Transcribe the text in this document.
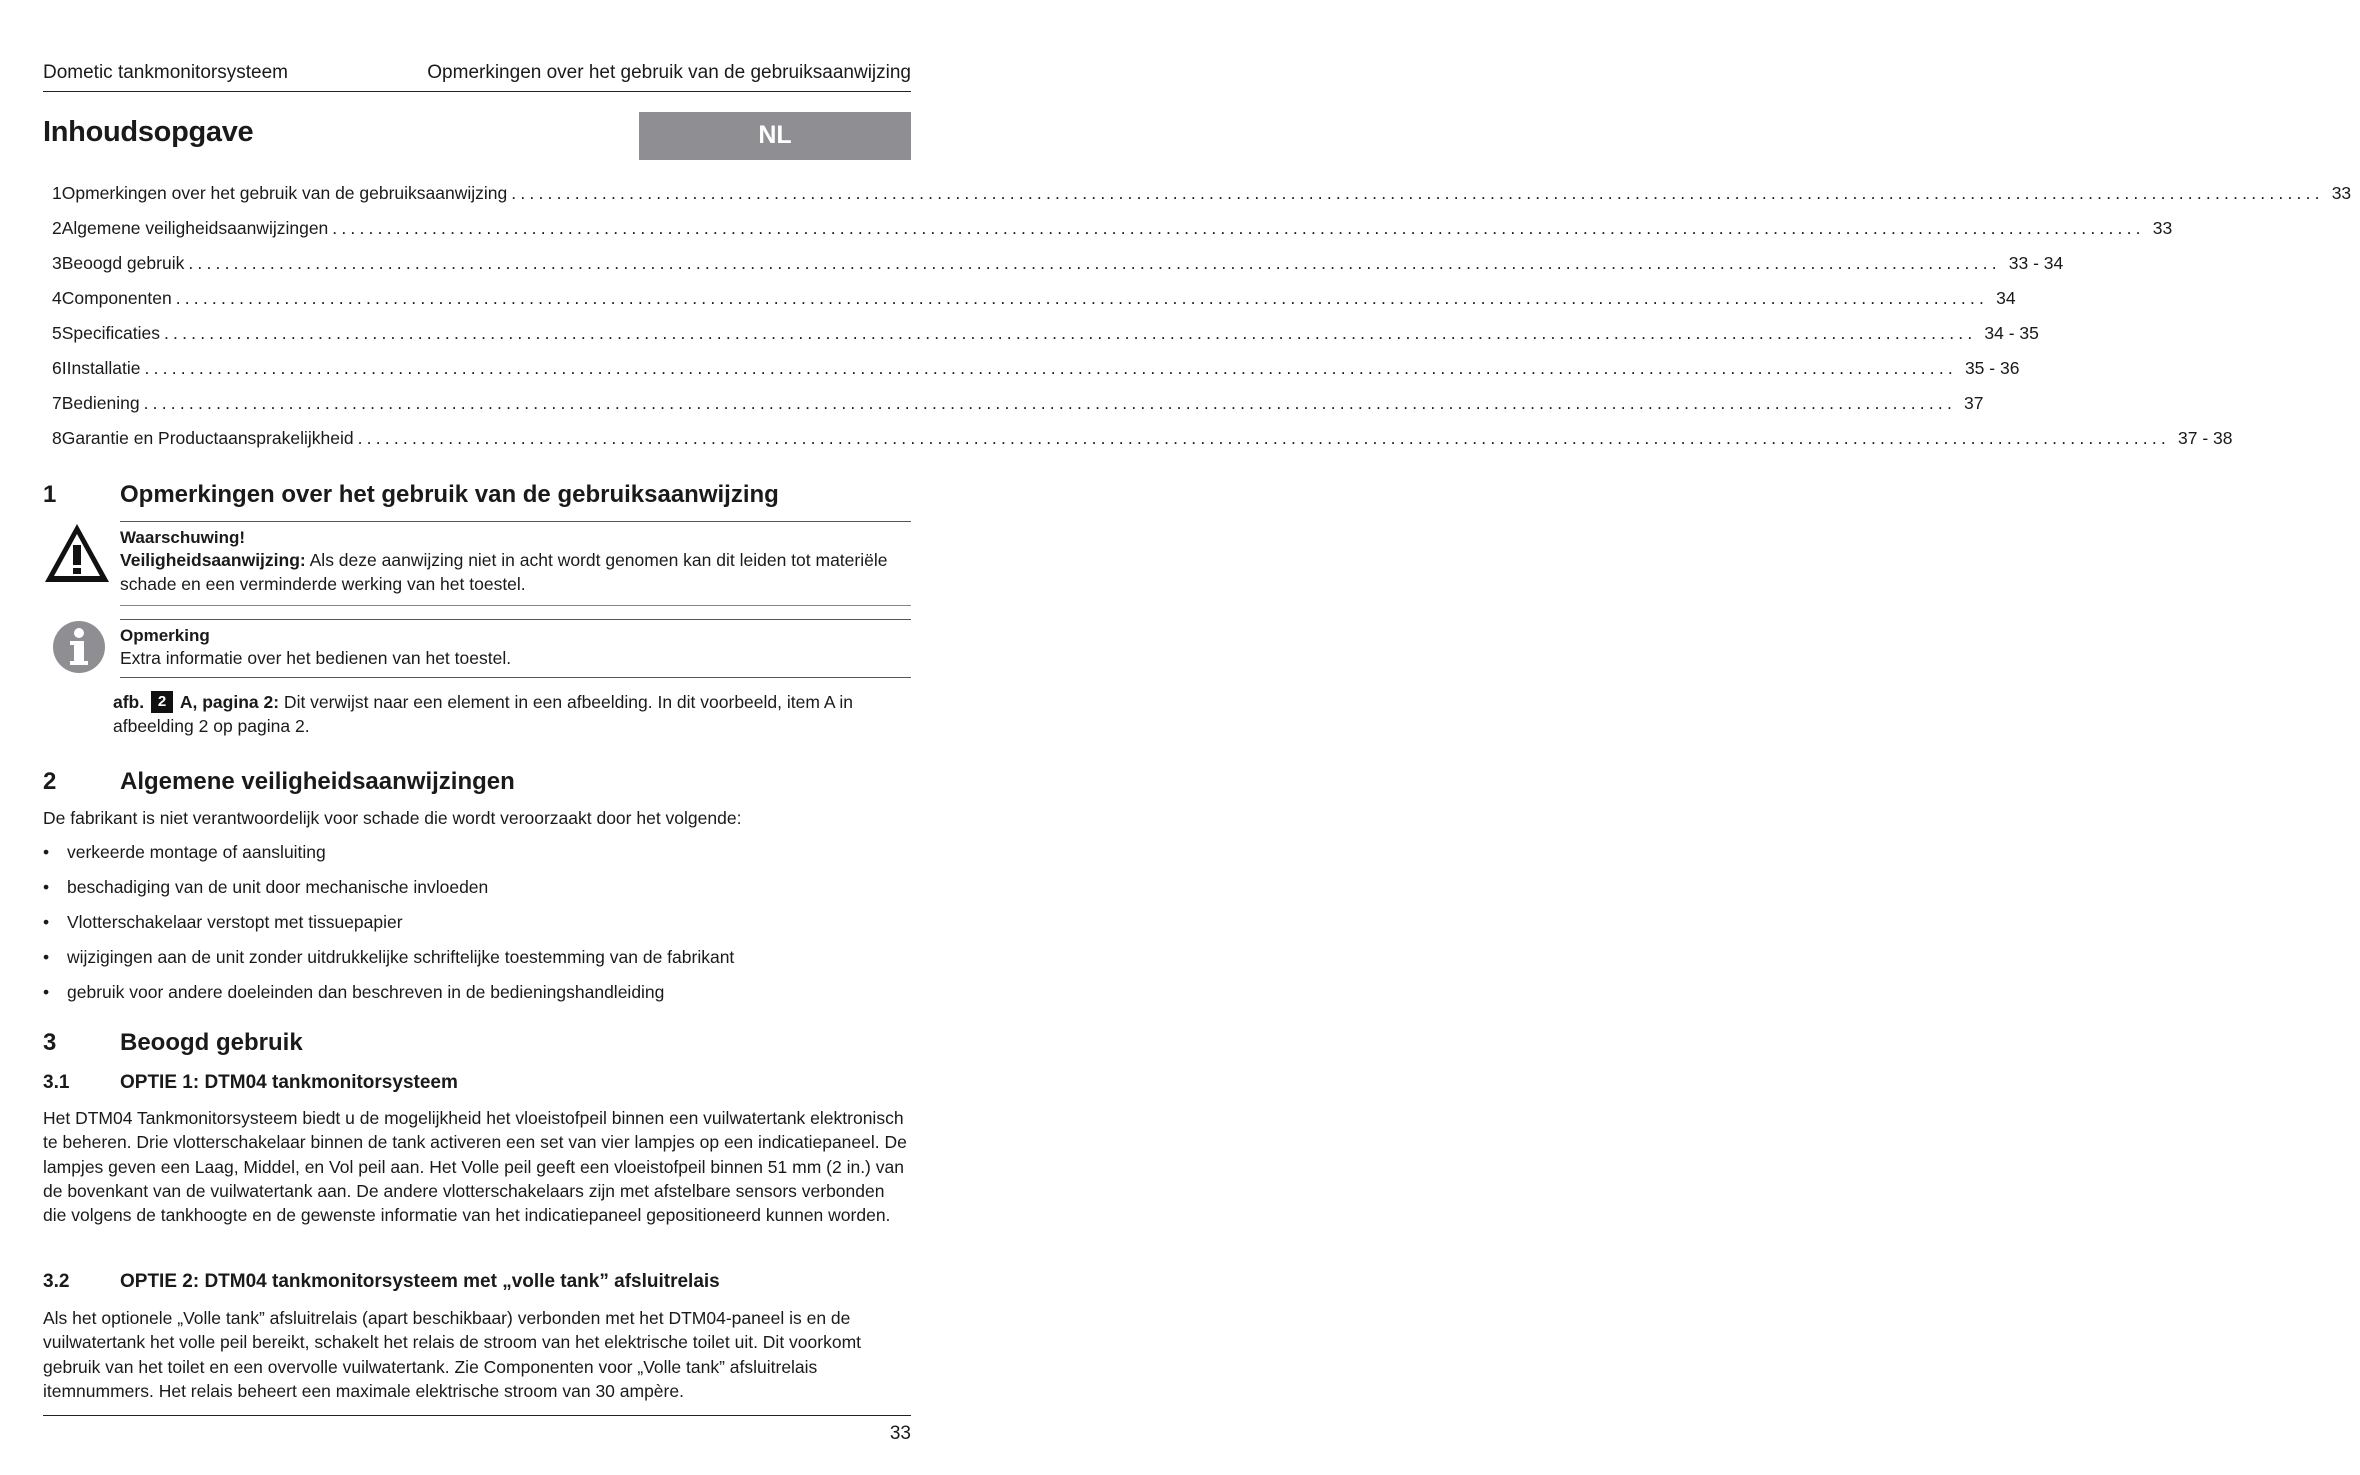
Dometic tankmonitorsysteem	Opmerkingen over het gebruik van de gebruiksaanwijzing
Inhoudsopgave	NL
1 Opmerkingen over het gebruik van de gebruiksaanwijzing ........................................................................................................................................................................................................ 33
2 Algemene veiligheidsaanwijzingen ........................................................................................................................................................................................................ 33
3 Beoogd gebruik ........................................................................................................................................................................................................ 33 - 34
4 Componenten ........................................................................................................................................................................................................ 34
5 Specificaties ........................................................................................................................................................................................................ 34 - 35
6 IInstallatie ........................................................................................................................................................................................................ 35 - 36
7 Bediening ........................................................................................................................................................................................................ 37
8 Garantie en Productaansprakelijkheid ........................................................................................................................................................................................................ 37 - 38
1	Opmerkingen over het gebruik van de gebruiksaanwijzing
Waarschuwing!
Veiligheidsaanwijzing: Als deze aanwijzing niet in acht wordt genomen kan dit leiden tot materiële schade en een verminderde werking van het toestel.
Opmerking
Extra informatie over het bedienen van het toestel.
afb. 2 A, pagina 2: Dit verwijst naar een element in een afbeelding. In dit voorbeeld, item A in afbeelding 2 op pagina 2.
2	Algemene veiligheidsaanwijzingen
De fabrikant is niet verantwoordelijk voor schade die wordt veroorzaakt door het volgende:
• verkeerde montage of aansluiting
• beschadiging van de unit door mechanische invloeden
• Vlotterschakelaar verstopt met tissuepapier
• wijzigingen aan de unit zonder uitdrukkelijke schriftelijke toestemming van de fabrikant
• gebruik voor andere doeleinden dan beschreven in de bedieningshandleiding
3	Beoogd gebruik
3.1	OPTIE 1: DTM04 tankmonitorsysteem
Het DTM04 Tankmonitorsysteem biedt u de mogelijkheid het vloeistofpeil binnen een vuilwatertank elektronisch te beheren. Drie vlotterschakelaar binnen de tank activeren een set van vier lampjes op een indicatiepaneel. De lampjes geven een Laag, Middel, en Vol peil aan. Het Volle peil geeft een vloeistofpeil binnen 51 mm (2 in.) van de bovenkant van de vuilwatertank aan. De andere vlotterschakelaars zijn met afstelbare sensors verbonden die volgens de tankhoogte en de gewenste informatie van het indicatiepaneel gepositioneerd kunnen worden.
3.2	OPTIE 2: DTM04 tankmonitorsysteem met „volle tank” afsluitrelais
Als het optionele „Volle tank” afsluitrelais (apart beschikbaar) verbonden met het DTM04-paneel is en de vuilwatertank het volle peil bereikt, schakelt het relais de stroom van het elektrische toilet uit. Dit voorkomt gebruik van het toilet en een overvolle vuilwatertank. Zie Componenten voor „Volle tank” afsluitrelais itemnummers. Het relais beheert een maximale elektrische stroom van 30 ampère.
33
